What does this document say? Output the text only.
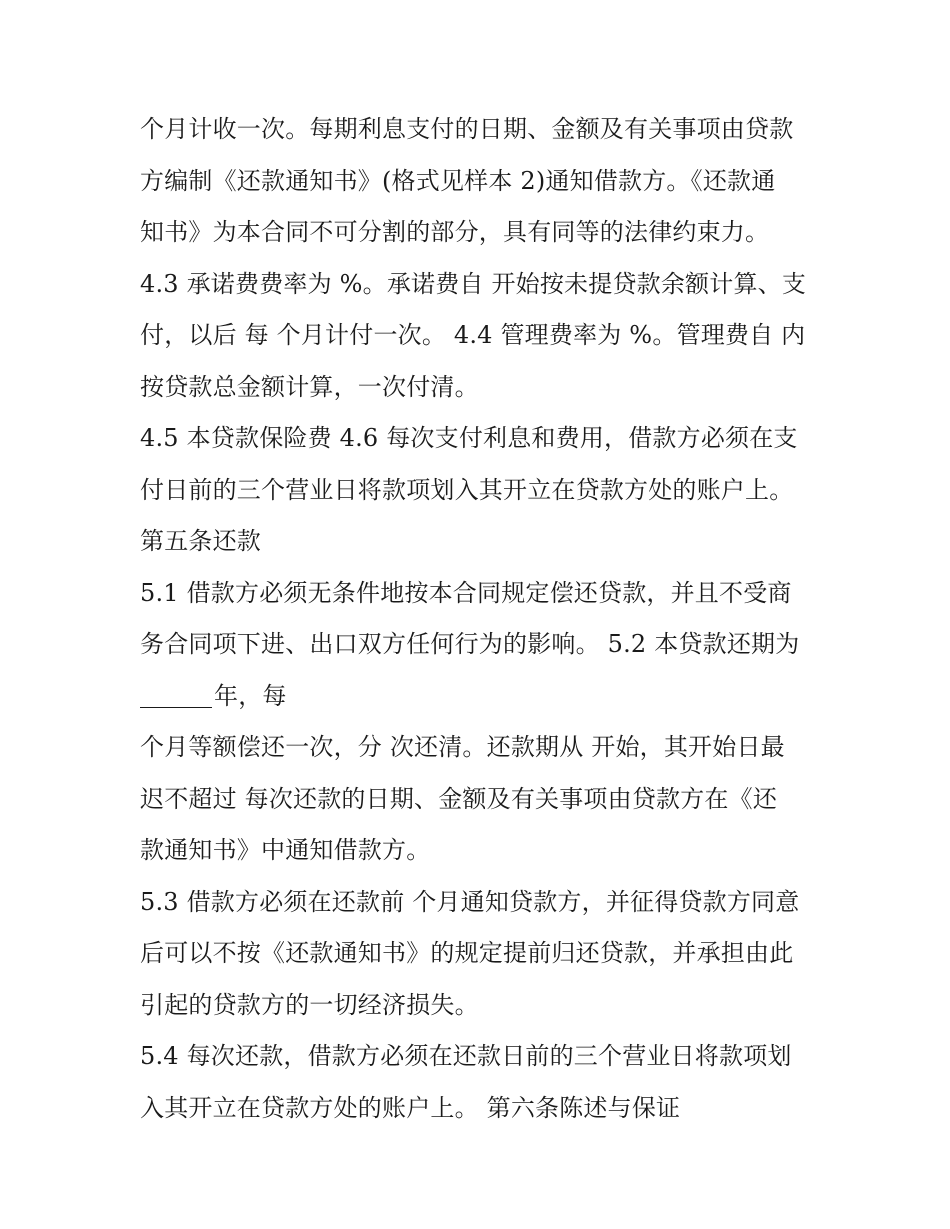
个月计收一次。每期利息支付的日期、金额及有关事项由贷款
方编制《还款通知书》(格式见样本 2)通知借款方。《还款通
知书》为本合同不可分割的部分，具有同等的法律约束力。
4.3 承诺费费率为 %。承诺费自 开始按未提贷款余额计算、支
付，以后 每 个月计付一次。 4.4 管理费率为 %。管理费自 内
按贷款总金额计算，一次付清。
4.5 本贷款保险费 4.6 每次支付利息和费用，借款方必须在支
付日前的三个营业日将款项划入其开立在贷款方处的账户上。
第五条还款
5.1 借款方必须无条件地按本合同规定偿还贷款，并且不受商
务合同项下进、出口双方任何行为的影响。 5.2 本贷款还期为
年，每
个月等额偿还一次，分 次还清。还款期从 开始，其开始日最
迟不超过 每次还款的日期、金额及有关事项由贷款方在《还
款通知书》中通知借款方。
5.3 借款方必须在还款前 个月通知贷款方，并征得贷款方同意
后可以不按《还款通知书》的规定提前归还贷款，并承担由此
引起的贷款方的一切经济损失。
5.4 每次还款，借款方必须在还款日前的三个营业日将款项划
入其开立在贷款方处的账户上。 第六条陈述与保证
